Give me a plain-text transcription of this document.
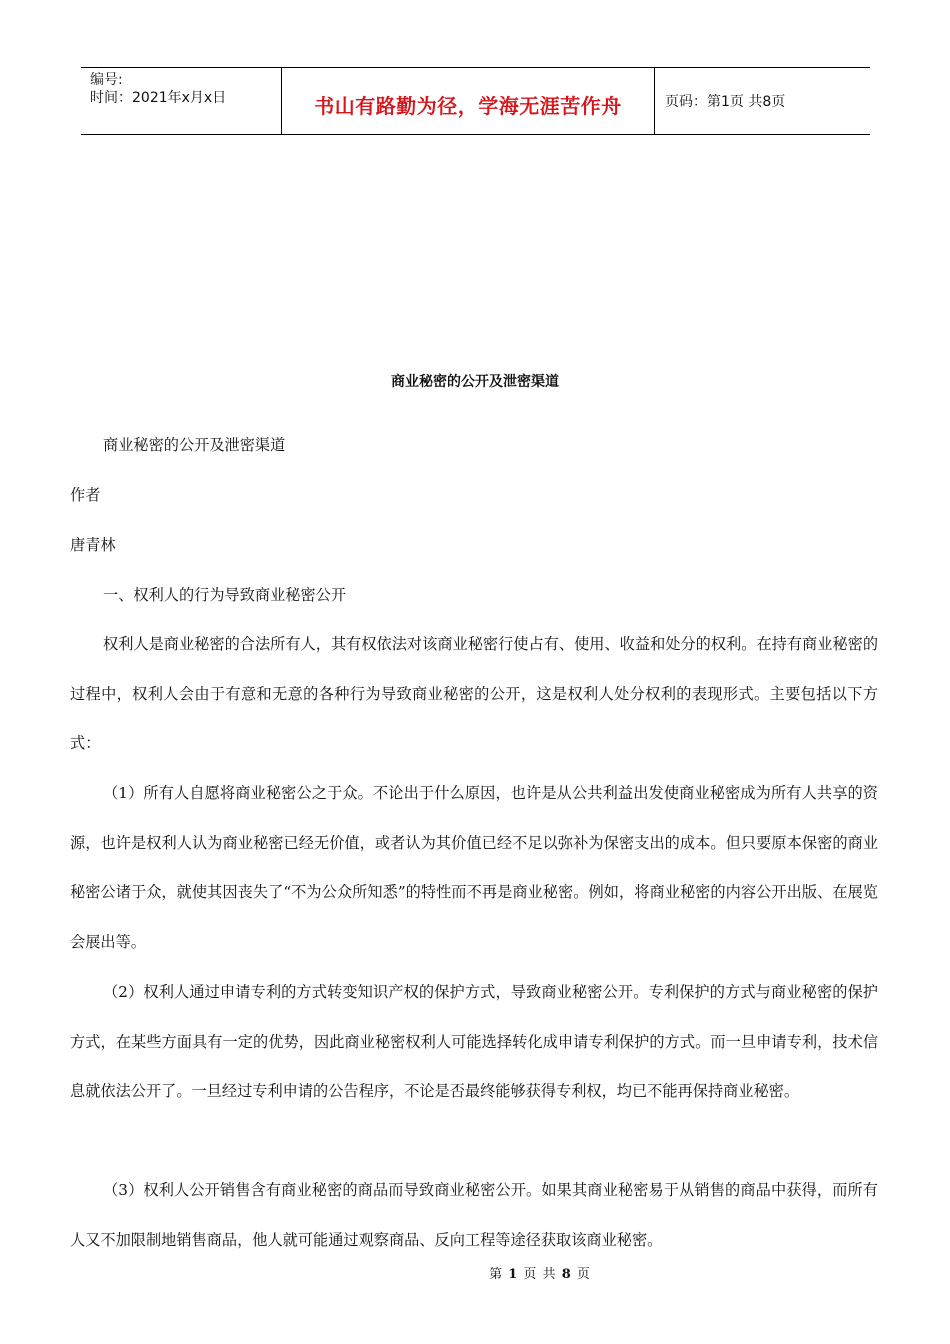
编号:
时间：2021年x月x日	书山有路勤为径，学海无涯苦作舟	页码：第1页 共8页
商业秘密的公开及泄密渠道
商业秘密的公开及泄密渠道
作者
唐青林
一、权利人的行为导致商业秘密公开
权利人是商业秘密的合法所有人，其有权依法对该商业秘密行使占有、使用、收益和处分的权利。在持有商业秘密的过程中，权利人会由于有意和无意的各种行为导致商业秘密的公开，这是权利人处分权利的表现形式。主要包括以下方式：
（1）所有人自愿将商业秘密公之于众。不论出于什么原因，也许是从公共利益出发使商业秘密成为所有人共享的资源，也许是权利人认为商业秘密已经无价值，或者认为其价值已经不足以弥补为保密支出的成本。但只要原本保密的商业秘密公诸于众，就使其因丧失了“不为公众所知悉”的特性而不再是商业秘密。例如，将商业秘密的内容公开出版、在展览会展出等。
（2）权利人通过申请专利的方式转变知识产权的保护方式，导致商业秘密公开。专利保护的方式与商业秘密的保护方式，在某些方面具有一定的优势，因此商业秘密权利人可能选择转化成申请专利保护的方式。而一旦申请专利，技术信息就依法公开了。一旦经过专利申请的公告程序，不论是否最终能够获得专利权，均已不能再保持商业秘密。
（3）权利人公开销售含有商业秘密的商品而导致商业秘密公开。如果其商业秘密易于从销售的商品中获得，而所有人又不加限制地销售商品，他人就可能通过观察商品、反向工程等途径获取该商业秘密。
第 1 页 共 8 页
